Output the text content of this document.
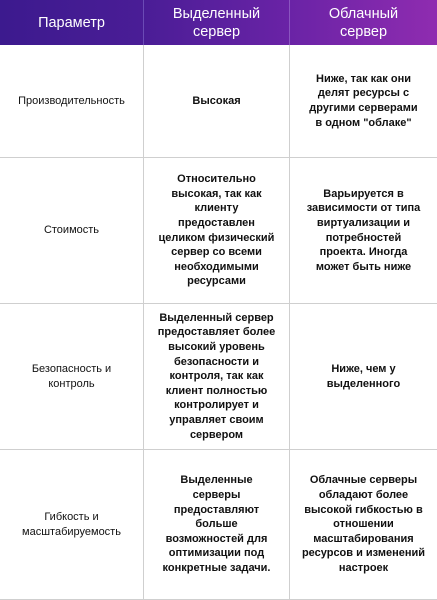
Параметр
Выделенный сервер
Облачный сервер
Производительность	Высокая
Ниже, так как они делят ресурсы с другими серверами в одном "облаке"
Стоимость
Относительно высокая, так как клиенту предоставлен целиком физический сервер со всеми необходимыми ресурсами
Варьируется в зависимости от типа виртуализации и потребностей проекта. Иногда может быть ниже
Безопасность и контроль
Выделенный сервер предоставляет более высокий уровень безопасности и контроля, так как клиент полностью контролирует и управляет своим сервером
Ниже, чем у выделенного
Гибкость и масштабируемость
Выделенные серверы предоставляют больше возможностей для оптимизации под конкретные задачи.
Облачные серверы обладают более высокой гибкостью в отношении масштабирования ресурсов и изменений настроек
